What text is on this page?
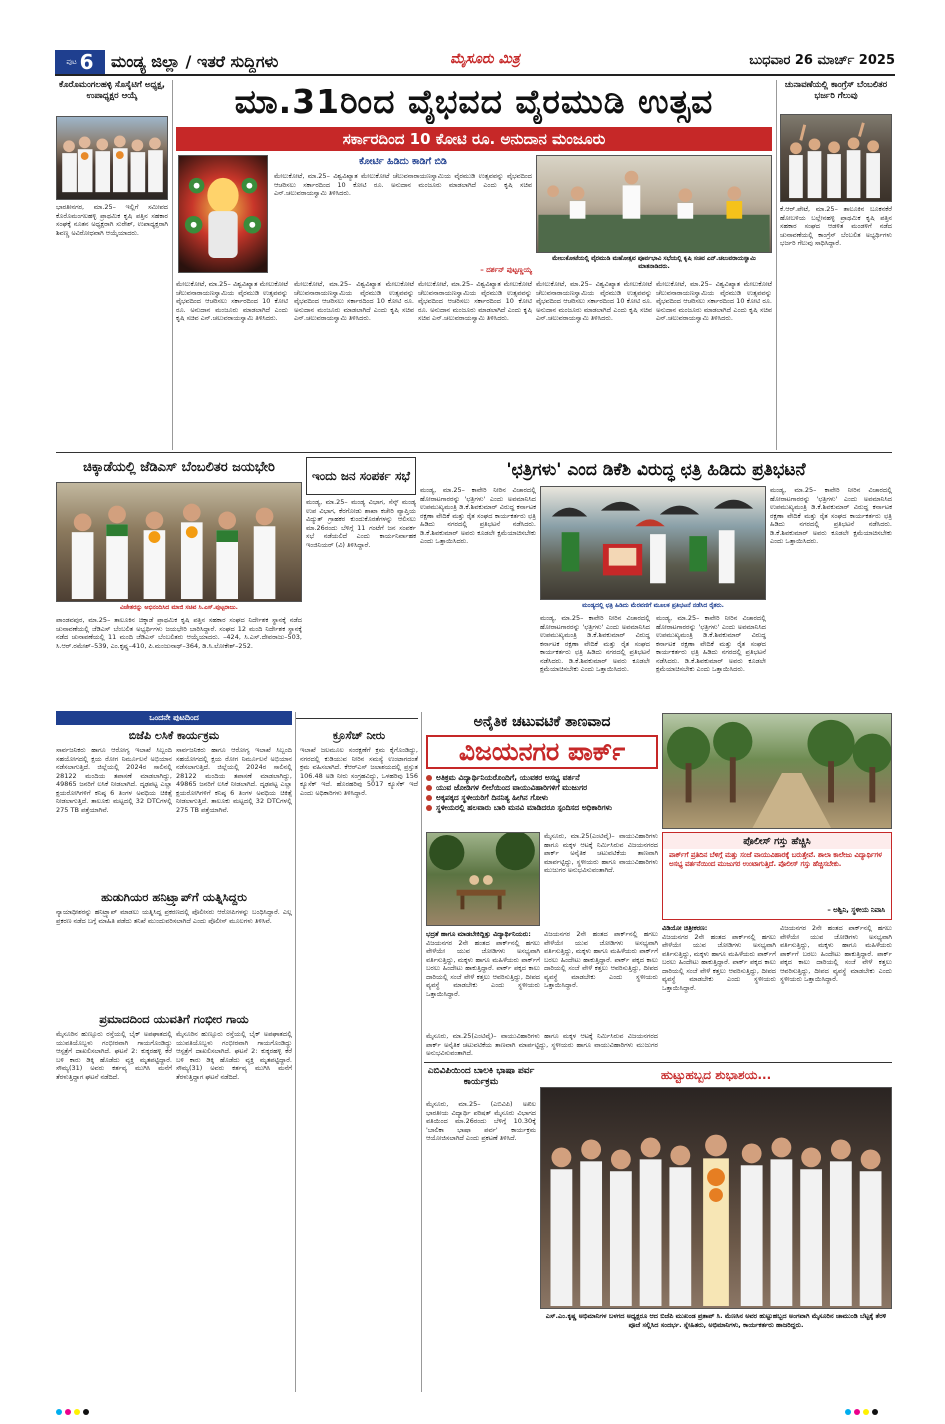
ಪುಟ 6 ಮಂಡ್ಯ ಜಿಲ್ಲಾ / ಇತರೆ ಸುದ್ದಿಗಳು	ಮೈಸೂರು ಮಿತ್ರ	ಬುಧವಾರ 26 ಮಾರ್ಚ್ 2025
ಕೊರೊಮಂಗಲಹಳ್ಳಿ ಸೊಸೈಟಿಗೆ ಅಧ್ಯಕ್ಷ, ಉಪಾಧ್ಯಕ್ಷರ ಆಯ್ಕೆ
ಭಾರತೀನಗರ, ಮಾ.25– ಇಲ್ಲಿಗೆ ಸಮೀಪದ ಕೊರೊಮಂಗಲಹಳ್ಳಿ ಪ್ರಾಥಮಿಕ ಕೃಷಿ ಪತ್ತಿನ ಸಹಕಾರ ಸಂಘಕ್ಕೆ ನೂತನ ಅಧ್ಯಕ್ಷರಾಗಿ ಸುರೇಶ್, ಉಪಾಧ್ಯಕ್ಷರಾಗಿ ಶಿವಣ್ಣ ಅವಿರೋಧವಾಗಿ ಆಯ್ಕೆಯಾದರು.
ಮಾ.31ರಿಂದ ವೈಭವದ ವೈರಮುಡಿ ಉತ್ಸವ
ಸರ್ಕಾರದಿಂದ 10 ಕೋಟಿ ರೂ. ಅನುದಾನ ಮಂಜೂರು
ಕೋರ್ಟಿ ಹಿಡಿದು ಕಾಡಿಗೆ ಬಿಡಿ
ಮೇಲುಕೋಟೆ, ಮಾ.25– ವಿಶ್ವವಿಖ್ಯಾತ ಮೇಲುಕೋಟೆ ಚೆಲುವನಾರಾಯಣಸ್ವಾಮಿಯ ವೈರಮುಡಿ ಉತ್ಸವವನ್ನು ವೈಭವದಿಂದ ಆಚರಿಸಲು ಸರ್ಕಾರದಿಂದ 10 ಕೋಟಿ ರೂ. ಅನುದಾನ ಮಂಜೂರು ಮಾಡಲಾಗಿದೆ ಎಂದು ಕೃಷಿ ಸಚಿವ ಎನ್.ಚಲುವರಾಯಸ್ವಾಮಿ ತಿಳಿಸಿದರು.
– ದರ್ಶನ್ ಪುಟ್ಟಣ್ಣಯ್ಯ
ಮೇಲುಕೋಟೆಯಲ್ಲಿ ವೈರಮುಡಿ ಮಹೋತ್ಸವ ಪೂರ್ವಭಾವಿ ಸಭೆಯಲ್ಲಿ ಕೃಷಿ ಸಚಿವ ಎನ್.ಚಲುವರಾಯಸ್ವಾಮಿ ಮಾತನಾಡಿದರು.
ಮೇಲುಕೋಟೆ, ಮಾ.25– ವಿಶ್ವವಿಖ್ಯಾತ ಮೇಲುಕೋಟೆ ಚೆಲುವನಾರಾಯಣಸ್ವಾಮಿಯ ವೈರಮುಡಿ ಉತ್ಸವವನ್ನು ವೈಭವದಿಂದ ಆಚರಿಸಲು ಸರ್ಕಾರದಿಂದ 10 ಕೋಟಿ ರೂ. ಅನುದಾನ ಮಂಜೂರು ಮಾಡಲಾಗಿದೆ ಎಂದು ಕೃಷಿ ಸಚಿವ ಎನ್.ಚಲುವರಾಯಸ್ವಾಮಿ ತಿಳಿಸಿದರು.
ಮೇಲುಕೋಟೆ, ಮಾ.25– ವಿಶ್ವವಿಖ್ಯಾತ ಮೇಲುಕೋಟೆ ಚೆಲುವನಾರಾಯಣಸ್ವಾಮಿಯ ವೈರಮುಡಿ ಉತ್ಸವವನ್ನು ವೈಭವದಿಂದ ಆಚರಿಸಲು ಸರ್ಕಾರದಿಂದ 10 ಕೋಟಿ ರೂ. ಅನುದಾನ ಮಂಜೂರು ಮಾಡಲಾಗಿದೆ ಎಂದು ಕೃಷಿ ಸಚಿವ ಎನ್.ಚಲುವರಾಯಸ್ವಾಮಿ ತಿಳಿಸಿದರು.
ಮೇಲುಕೋಟೆ, ಮಾ.25– ವಿಶ್ವವಿಖ್ಯಾತ ಮೇಲುಕೋಟೆ ಚೆಲುವನಾರಾಯಣಸ್ವಾಮಿಯ ವೈರಮುಡಿ ಉತ್ಸವವನ್ನು ವೈಭವದಿಂದ ಆಚರಿಸಲು ಸರ್ಕಾರದಿಂದ 10 ಕೋಟಿ ರೂ. ಅನುದಾನ ಮಂಜೂರು ಮಾಡಲಾಗಿದೆ ಎಂದು ಕೃಷಿ ಸಚಿವ ಎನ್.ಚಲುವರಾಯಸ್ವಾಮಿ ತಿಳಿಸಿದರು.
ಮೇಲುಕೋಟೆ, ಮಾ.25– ವಿಶ್ವವಿಖ್ಯಾತ ಮೇಲುಕೋಟೆ ಚೆಲುವನಾರಾಯಣಸ್ವಾಮಿಯ ವೈರಮುಡಿ ಉತ್ಸವವನ್ನು ವೈಭವದಿಂದ ಆಚರಿಸಲು ಸರ್ಕಾರದಿಂದ 10 ಕೋಟಿ ರೂ. ಅನುದಾನ ಮಂಜೂರು ಮಾಡಲಾಗಿದೆ ಎಂದು ಕೃಷಿ ಸಚಿವ ಎನ್.ಚಲುವರಾಯಸ್ವಾಮಿ ತಿಳಿಸಿದರು.
ಮೇಲುಕೋಟೆ, ಮಾ.25– ವಿಶ್ವವಿಖ್ಯಾತ ಮೇಲುಕೋಟೆ ಚೆಲುವನಾರಾಯಣಸ್ವಾಮಿಯ ವೈರಮುಡಿ ಉತ್ಸವವನ್ನು ವೈಭವದಿಂದ ಆಚರಿಸಲು ಸರ್ಕಾರದಿಂದ 10 ಕೋಟಿ ರೂ. ಅನುದಾನ ಮಂಜೂರು ಮಾಡಲಾಗಿದೆ ಎಂದು ಕೃಷಿ ಸಚಿವ ಎನ್.ಚಲುವರಾಯಸ್ವಾಮಿ ತಿಳಿಸಿದರು.
ಚುನಾವಣೆಯಲ್ಲಿ ಕಾಂಗ್ರೆಸ್ ಬೆಂಬಲಿತರ ಭರ್ಜರಿ ಗೆಲುವು
ಕೆ.ಆರ್.ಪೇಟೆ, ಮಾ.25– ತಾಲೂಕಿನ ಬೂಕನಕೆರೆ ಹೋಬಳಿಯ ಬಲ್ಲೇನಹಳ್ಳಿ ಪ್ರಾಥಮಿಕ ಕೃಷಿ ಪತ್ತಿನ ಸಹಕಾರ ಸಂಘದ ಆಡಳಿತ ಮಂಡಳಿಗೆ ನಡೆದ ಚುನಾವಣೆಯಲ್ಲಿ ಕಾಂಗ್ರೆಸ್ ಬೆಂಬಲಿತ ಅಭ್ಯರ್ಥಿಗಳು ಭರ್ಜರಿ ಗೆಲುವು ಸಾಧಿಸಿದ್ದಾರೆ.
ಚಿಕ್ಕಾಡೆಯಲ್ಲಿ ಜೆಡಿಎಸ್ ಬೆಂಬಲಿತರ ಜಯಭೇರಿ
ವಿಜೇತರನ್ನು ಅಭಿನಂದಿಸಿದ ಮಾಜಿ ಸಚಿವ ಸಿ.ಎಸ್.ಪುಟ್ಟರಾಜು.
ಪಾಂಡವಪುರ, ಮಾ.25– ತಾಲೂಕಿನ ಚಿಕ್ಕಾಡೆ ಪ್ರಾಥಮಿಕ ಕೃಷಿ ಪತ್ತಿನ ಸಹಕಾರ ಸಂಘದ ನಿರ್ದೇಶಕ ಸ್ಥಾನಕ್ಕೆ ನಡೆದ ಚುನಾವಣೆಯಲ್ಲಿ ಜೆಡಿಎಸ್ ಬೆಂಬಲಿತ ಅಭ್ಯರ್ಥಿಗಳು ಜಯಭೇರಿ ಬಾರಿಸಿದ್ದಾರೆ. ಸಂಘದ 12 ಮಂದಿ ನಿರ್ದೇಶಕ ಸ್ಥಾನಕ್ಕೆ ನಡೆದ ಚುನಾವಣೆಯಲ್ಲಿ 11 ಮಂದಿ ಜೆಡಿಎಸ್ ಬೆಂಬಲಿತರು ಆಯ್ಕೆಯಾದರು. –424, ಸಿ.ಎಸ್.ದೇವರಾಜು–503, ಸಿ.ಆರ್.ರಮೇಶ್–539, ಎಂ.ಕೃಷ್ಣ–410, ಪಿ.ಮಂಜುನಾಥ್–364, ಡಿ.ಸಿ.ಲೋಕೇಶ್–252.
ಇಂದು ಜನ ಸಂಪರ್ಕ ಸಭೆ
ಮಂಡ್ಯ, ಮಾ.25– ಮಂಡ್ಯ ವಿಭಾಗ, ಸೆಸ್ಕ್ ಮಂಡ್ಯ ಉಪ ವಿಭಾಗ, ಕೆರಗೋಡು ಶಾಖಾ ಕಚೇರಿ ವ್ಯಾಪ್ತಿಯ ವಿದ್ಯುತ್ ಗ್ರಾಹಕರ ಕುಂದುಕೊರತೆಗಳನ್ನು ಆಲಿಸಲು ಮಾ.26ರಂದು ಬೆಳಿಗ್ಗೆ 11 ಗಂಟೆಗೆ ಜನ ಸಂಪರ್ಕ ಸಭೆ ನಡೆಯಲಿದೆ ಎಂದು ಕಾರ್ಯನಿರ್ವಾಹಕ ಇಂಜಿನಿಯರ್ (ವಿ) ತಿಳಿಸಿದ್ದಾರೆ.
'ಛತ್ರಿಗಳು' ಎಂದ ಡಿಕೆಶಿ ವಿರುದ್ಧ ಛತ್ರಿ ಹಿಡಿದು ಪ್ರತಿಭಟನೆ
ಮಂಡ್ಯ, ಮಾ.25– ಕಾವೇರಿ ನೀರಿನ ವಿಚಾರದಲ್ಲಿ ಹೋರಾಟಗಾರರನ್ನು 'ಛತ್ರಿಗಳು' ಎಂದು ಅವಮಾನಿಸಿದ ಉಪಮುಖ್ಯಮಂತ್ರಿ ಡಿ.ಕೆ.ಶಿವಕುಮಾರ್ ವಿರುದ್ಧ ಕರ್ನಾಟಕ ರಕ್ಷಣಾ ವೇದಿಕೆ ಮತ್ತು ರೈತ ಸಂಘದ ಕಾರ್ಯಕರ್ತರು ಛತ್ರಿ ಹಿಡಿದು ನಗರದಲ್ಲಿ ಪ್ರತಿಭಟನೆ ನಡೆಸಿದರು. ಡಿ.ಕೆ.ಶಿವಕುಮಾರ್ ಅವರು ಕೂಡಲೇ ಕ್ಷಮೆಯಾಚಿಸಬೇಕು ಎಂದು ಒತ್ತಾಯಿಸಿದರು.
ಮಂಡ್ಯದಲ್ಲಿ ಛತ್ರಿ ಹಿಡಿದು ಮೆರವಣಿಗೆ ಮೂಲಕ ಪ್ರತಿಭಟನೆ ನಡೆಸಿದ ರೈತರು.
ಮಂಡ್ಯ, ಮಾ.25– ಕಾವೇರಿ ನೀರಿನ ವಿಚಾರದಲ್ಲಿ ಹೋರಾಟಗಾರರನ್ನು 'ಛತ್ರಿಗಳು' ಎಂದು ಅವಮಾನಿಸಿದ ಉಪಮುಖ್ಯಮಂತ್ರಿ ಡಿ.ಕೆ.ಶಿವಕುಮಾರ್ ವಿರುದ್ಧ ಕರ್ನಾಟಕ ರಕ್ಷಣಾ ವೇದಿಕೆ ಮತ್ತು ರೈತ ಸಂಘದ ಕಾರ್ಯಕರ್ತರು ಛತ್ರಿ ಹಿಡಿದು ನಗರದಲ್ಲಿ ಪ್ರತಿಭಟನೆ ನಡೆಸಿದರು. ಡಿ.ಕೆ.ಶಿವಕುಮಾರ್ ಅವರು ಕೂಡಲೇ ಕ್ಷಮೆಯಾಚಿಸಬೇಕು ಎಂದು ಒತ್ತಾಯಿಸಿದರು.
ಮಂಡ್ಯ, ಮಾ.25– ಕಾವೇರಿ ನೀರಿನ ವಿಚಾರದಲ್ಲಿ ಹೋರಾಟಗಾರರನ್ನು 'ಛತ್ರಿಗಳು' ಎಂದು ಅವಮಾನಿಸಿದ ಉಪಮುಖ್ಯಮಂತ್ರಿ ಡಿ.ಕೆ.ಶಿವಕುಮಾರ್ ವಿರುದ್ಧ ಕರ್ನಾಟಕ ರಕ್ಷಣಾ ವೇದಿಕೆ ಮತ್ತು ರೈತ ಸಂಘದ ಕಾರ್ಯಕರ್ತರು ಛತ್ರಿ ಹಿಡಿದು ನಗರದಲ್ಲಿ ಪ್ರತಿಭಟನೆ ನಡೆಸಿದರು. ಡಿ.ಕೆ.ಶಿವಕುಮಾರ್ ಅವರು ಕೂಡಲೇ ಕ್ಷಮೆಯಾಚಿಸಬೇಕು ಎಂದು ಒತ್ತಾಯಿಸಿದರು.
ಮಂಡ್ಯ, ಮಾ.25– ಕಾವೇರಿ ನೀರಿನ ವಿಚಾರದಲ್ಲಿ ಹೋರಾಟಗಾರರನ್ನು 'ಛತ್ರಿಗಳು' ಎಂದು ಅವಮಾನಿಸಿದ ಉಪಮುಖ್ಯಮಂತ್ರಿ ಡಿ.ಕೆ.ಶಿವಕುಮಾರ್ ವಿರುದ್ಧ ಕರ್ನಾಟಕ ರಕ್ಷಣಾ ವೇದಿಕೆ ಮತ್ತು ರೈತ ಸಂಘದ ಕಾರ್ಯಕರ್ತರು ಛತ್ರಿ ಹಿಡಿದು ನಗರದಲ್ಲಿ ಪ್ರತಿಭಟನೆ ನಡೆಸಿದರು. ಡಿ.ಕೆ.ಶಿವಕುಮಾರ್ ಅವರು ಕೂಡಲೇ ಕ್ಷಮೆಯಾಚಿಸಬೇಕು ಎಂದು ಒತ್ತಾಯಿಸಿದರು.
ಒಂದನೇ ಪುಟದಿಂದ
ಬಿಜೆಪಿ ಲಸಿಕೆ ಕಾರ್ಯಕ್ರಮ
ಸಾರ್ವಜನಿಕರು ಹಾಗೂ ಆರೋಗ್ಯ ಇಲಾಖೆ ಸಿಬ್ಬಂದಿ ಸಹಯೋಗದಲ್ಲಿ ಕ್ಷಯ ರೋಗ ನಿರ್ಮೂಲನೆ ಅಭಿಯಾನ ನಡೆಸಲಾಗುತ್ತಿದೆ. ಜಿಲ್ಲೆಯಲ್ಲಿ 2024ರ ಸಾಲಿನಲ್ಲಿ 28122 ಮಂದಿಯ ತಪಾಸಣೆ ಮಾಡಲಾಗಿದ್ದು, 49865 ಜನರಿಗೆ ಲಸಿಕೆ ನೀಡಲಾಗಿದೆ. ದೃಢಪಟ್ಟ ಎಲ್ಲಾ ಕ್ಷಯರೋಗಿಗಳಿಗೆ ಕನಿಷ್ಠ 6 ತಿಂಗಳ ಅವಧಿಯ ಚಿಕಿತ್ಸೆ ನೀಡಲಾಗುತ್ತಿದೆ. ತಾಲೂಕು ಮಟ್ಟದಲ್ಲಿ 32 DTCಗಳಲ್ಲಿ 275 TB ಪತ್ತೆಯಾಗಿವೆ.
ಸಾರ್ವಜನಿಕರು ಹಾಗೂ ಆರೋಗ್ಯ ಇಲಾಖೆ ಸಿಬ್ಬಂದಿ ಸಹಯೋಗದಲ್ಲಿ ಕ್ಷಯ ರೋಗ ನಿರ್ಮೂಲನೆ ಅಭಿಯಾನ ನಡೆಸಲಾಗುತ್ತಿದೆ. ಜಿಲ್ಲೆಯಲ್ಲಿ 2024ರ ಸಾಲಿನಲ್ಲಿ 28122 ಮಂದಿಯ ತಪಾಸಣೆ ಮಾಡಲಾಗಿದ್ದು, 49865 ಜನರಿಗೆ ಲಸಿಕೆ ನೀಡಲಾಗಿದೆ. ದೃಢಪಟ್ಟ ಎಲ್ಲಾ ಕ್ಷಯರೋಗಿಗಳಿಗೆ ಕನಿಷ್ಠ 6 ತಿಂಗಳ ಅವಧಿಯ ಚಿಕಿತ್ಸೆ ನೀಡಲಾಗುತ್ತಿದೆ. ತಾಲೂಕು ಮಟ್ಟದಲ್ಲಿ 32 DTCಗಳಲ್ಲಿ 275 TB ಪತ್ತೆಯಾಗಿವೆ.
ಹುಡುಗಿಯರ ಹನಿಟ್ರ್ಯಾಪ್‌ಗೆ ಯತ್ನಿಸಿದ್ದರು
ನ್ಯಾಯಾಧೀಶರನ್ನು ಹನಿಟ್ರ್ಯಾಪ್ ಮಾಡಲು ಯತ್ನಿಸಿದ್ದ ಪ್ರಕರಣದಲ್ಲಿ ಪೊಲೀಸರು ಆರೋಪಿಗಳನ್ನು ಬಂಧಿಸಿದ್ದಾರೆ. ಎಲ್ಲ ಪ್ರಕರಣ ನಡೆದ ಬಗ್ಗೆ ಮಾಹಿತಿ ಪಡೆದು ತನಿಖೆ ಮುಂದುವರಿಸಲಾಗಿದೆ ಎಂದು ಪೊಲೀಸ್ ಮೂಲಗಳು ತಿಳಿಸಿವೆ.
ಪ್ರಮಾದದಿಂದ ಯುವತಿಗೆ ಗಂಭೀರ ಗಾಯ
ಮೈಸೂರಿನ ಹುಣ್ಸೂರು ರಸ್ತೆಯಲ್ಲಿ ಬೈಕ್ ಅಪಘಾತದಲ್ಲಿ ಯುವತಿಯೊಬ್ಬಳು ಗಂಭೀರವಾಗಿ ಗಾಯಗೊಂಡಿದ್ದು ಆಸ್ಪತ್ರೆಗೆ ದಾಖಲಿಸಲಾಗಿದೆ. ಘಟನೆ 2: ಕುಕ್ಕರಹಳ್ಳಿ ಕೆರೆ ಬಳಿ ಕಾರು ಡಿಕ್ಕಿ ಹೊಡೆದು ವ್ಯಕ್ತಿ ಮೃತಪಟ್ಟಿದ್ದಾರೆ. ಸೌಮ್ಯ(31) ಅವರು ಕರ್ತವ್ಯ ಮುಗಿಸಿ ಮನೆಗೆ ತೆರಳುತ್ತಿದ್ದಾಗ ಘಟನೆ ನಡೆದಿದೆ.
ಮೈಸೂರಿನ ಹುಣ್ಸೂರು ರಸ್ತೆಯಲ್ಲಿ ಬೈಕ್ ಅಪಘಾತದಲ್ಲಿ ಯುವತಿಯೊಬ್ಬಳು ಗಂಭೀರವಾಗಿ ಗಾಯಗೊಂಡಿದ್ದು ಆಸ್ಪತ್ರೆಗೆ ದಾಖಲಿಸಲಾಗಿದೆ. ಘಟನೆ 2: ಕುಕ್ಕರಹಳ್ಳಿ ಕೆರೆ ಬಳಿ ಕಾರು ಡಿಕ್ಕಿ ಹೊಡೆದು ವ್ಯಕ್ತಿ ಮೃತಪಟ್ಟಿದ್ದಾರೆ. ಸೌಮ್ಯ(31) ಅವರು ಕರ್ತವ್ಯ ಮುಗಿಸಿ ಮನೆಗೆ ತೆರಳುತ್ತಿದ್ದಾಗ ಘಟನೆ ನಡೆದಿದೆ.
ಕ್ರೂಸೆಚ್ ನೀರು
ಇಲಾಖೆ ಜಲಮೂಲ ಸಂರಕ್ಷಣೆಗೆ ಕ್ರಮ ಕೈಗೊಂಡಿದ್ದು, ನಗರದಲ್ಲಿ ಕುಡಿಯುವ ನೀರಿನ ಸಮಸ್ಯೆ ಉಂಟಾಗದಂತೆ ಕ್ರಮ ವಹಿಸಲಾಗಿದೆ. ಕೆಆರ್‌ಎಸ್ ಜಲಾಶಯದಲ್ಲಿ ಪ್ರಸ್ತುತ 106.48 ಅಡಿ ನೀರು ಸಂಗ್ರಹವಿದ್ದು, ಒಳಹರಿವು 156 ಕ್ಯೂಸೆಕ್ ಇದೆ. ಹೊರಹರಿವು 5017 ಕ್ಯೂಸೆಕ್ ಇದೆ ಎಂದು ಅಧಿಕಾರಿಗಳು ತಿಳಿಸಿದ್ದಾರೆ.
ಅನೈತಿಕ ಚಟುವಟಿಕೆ ತಾಣವಾದ
ವಿಜಯನಗರ ಪಾರ್ಕ್
ಅತಿಕ್ರಮ ವಿದ್ಯಾರ್ಥಿನಿಯರೊಂದಿಗೆ, ಯುವಕರ ಅಸಭ್ಯ ವರ್ತನೆ
ಯುವ ಜೋಡಿಗಳ ಲೀಲೆಯಿಂದ ವಾಯುವಿಹಾರಿಗಳಿಗೆ ಮುಜುಗರ
ಅಕ್ಕಪಕ್ಕದ ಸ್ಥಳೀಯರಿಗೆ ದಿನನಿತ್ಯ ಹೀಗಿನ ಗೋಳು
ಸ್ಥಳೀಯರಲ್ಲಿ ಹಲವಾರು ಬಾರಿ ಮನವಿ ಮಾಡಿದರೂ ಸ್ಪಂದಿಸದ ಅಧಿಕಾರಿಗಳು
ಮೈಸೂರು, ಮಾ.25(ಎಂಟಿವೈ)– ವಾಯುವಿಹಾರಿಗಳು ಹಾಗೂ ಮಕ್ಕಳ ಆಟಕ್ಕೆ ನಿರ್ಮಿಸಿರುವ ವಿಜಯನಗರದ ಪಾರ್ಕ್ ಅನೈತಿಕ ಚಟುವಟಿಕೆಯ ತಾಣವಾಗಿ ಮಾರ್ಪಟ್ಟಿದ್ದು, ಸ್ಥಳೀಯರು ಹಾಗೂ ವಾಯುವಿಹಾರಿಗಳು ಮುಜುಗರ ಅನುಭವಿಸುವಂತಾಗಿದೆ.
ಪೊಲೀಸ್ ಗಸ್ತು ಹೆಚ್ಚಿಸಿ
ಪಾರ್ಕ್‌ಗೆ ಪ್ರತಿದಿನ ಬೆಳಿಗ್ಗೆ ಮತ್ತು ಸಂಜೆ ವಾಯುವಿಹಾರಕ್ಕೆ ಬರುತ್ತೇವೆ. ಶಾಲಾ ಕಾಲೇಜು ವಿದ್ಯಾರ್ಥಿಗಳ ಅಸಭ್ಯ ವರ್ತನೆಯಿಂದ ಮುಜುಗರ ಉಂಟಾಗುತ್ತಿದೆ. ಪೊಲೀಸ್ ಗಸ್ತು ಹೆಚ್ಚಿಸಬೇಕು.
– ಅಶ್ವಿನಿ, ಸ್ಥಳೀಯ ನಿವಾಸಿ
ಭದ್ರತೆ ಹಾಗೂ ಮಾಡಬೇಕಿದ್ದಿತ್ತು ವಿದ್ಯಾರ್ಥಿನಿಯರು:
ವಿಜಯನಗರ 2ನೇ ಹಂತದ ಪಾರ್ಕ್‌ನಲ್ಲಿ ಹಗಲು ವೇಳೆಯೇ ಯುವ ಜೋಡಿಗಳು ಅಸಭ್ಯವಾಗಿ ವರ್ತಿಸುತ್ತಿದ್ದು, ಮಕ್ಕಳು ಹಾಗೂ ಮಹಿಳೆಯರು ಪಾರ್ಕ್‌ಗೆ ಬರಲು ಹಿಂದೇಟು ಹಾಕುತ್ತಿದ್ದಾರೆ. ಪಾರ್ಕ್ ಪಕ್ಕದ ಕಾಲು ದಾರಿಯಲ್ಲಿ ಸಂಜೆ ವೇಳೆ ಕತ್ತಲು ಆವರಿಸುತ್ತಿದ್ದು, ದೀಪದ ವ್ಯವಸ್ಥೆ ಮಾಡಬೇಕು ಎಂದು ಸ್ಥಳೀಯರು ಒತ್ತಾಯಿಸಿದ್ದಾರೆ.
ವಿಜಯನಗರ 2ನೇ ಹಂತದ ಪಾರ್ಕ್‌ನಲ್ಲಿ ಹಗಲು ವೇಳೆಯೇ ಯುವ ಜೋಡಿಗಳು ಅಸಭ್ಯವಾಗಿ ವರ್ತಿಸುತ್ತಿದ್ದು, ಮಕ್ಕಳು ಹಾಗೂ ಮಹಿಳೆಯರು ಪಾರ್ಕ್‌ಗೆ ಬರಲು ಹಿಂದೇಟು ಹಾಕುತ್ತಿದ್ದಾರೆ. ಪಾರ್ಕ್ ಪಕ್ಕದ ಕಾಲು ದಾರಿಯಲ್ಲಿ ಸಂಜೆ ವೇಳೆ ಕತ್ತಲು ಆವರಿಸುತ್ತಿದ್ದು, ದೀಪದ ವ್ಯವಸ್ಥೆ ಮಾಡಬೇಕು ಎಂದು ಸ್ಥಳೀಯರು ಒತ್ತಾಯಿಸಿದ್ದಾರೆ.
ವಿಡಿಯೋ ಚಿತ್ರೀಕರಣ:
ವಿಜಯನಗರ 2ನೇ ಹಂತದ ಪಾರ್ಕ್‌ನಲ್ಲಿ ಹಗಲು ವೇಳೆಯೇ ಯುವ ಜೋಡಿಗಳು ಅಸಭ್ಯವಾಗಿ ವರ್ತಿಸುತ್ತಿದ್ದು, ಮಕ್ಕಳು ಹಾಗೂ ಮಹಿಳೆಯರು ಪಾರ್ಕ್‌ಗೆ ಬರಲು ಹಿಂದೇಟು ಹಾಕುತ್ತಿದ್ದಾರೆ. ಪಾರ್ಕ್ ಪಕ್ಕದ ಕಾಲು ದಾರಿಯಲ್ಲಿ ಸಂಜೆ ವೇಳೆ ಕತ್ತಲು ಆವರಿಸುತ್ತಿದ್ದು, ದೀಪದ ವ್ಯವಸ್ಥೆ ಮಾಡಬೇಕು ಎಂದು ಸ್ಥಳೀಯರು ಒತ್ತಾಯಿಸಿದ್ದಾರೆ.
ವಿಜಯನಗರ 2ನೇ ಹಂತದ ಪಾರ್ಕ್‌ನಲ್ಲಿ ಹಗಲು ವೇಳೆಯೇ ಯುವ ಜೋಡಿಗಳು ಅಸಭ್ಯವಾಗಿ ವರ್ತಿಸುತ್ತಿದ್ದು, ಮಕ್ಕಳು ಹಾಗೂ ಮಹಿಳೆಯರು ಪಾರ್ಕ್‌ಗೆ ಬರಲು ಹಿಂದೇಟು ಹಾಕುತ್ತಿದ್ದಾರೆ. ಪಾರ್ಕ್ ಪಕ್ಕದ ಕಾಲು ದಾರಿಯಲ್ಲಿ ಸಂಜೆ ವೇಳೆ ಕತ್ತಲು ಆವರಿಸುತ್ತಿದ್ದು, ದೀಪದ ವ್ಯವಸ್ಥೆ ಮಾಡಬೇಕು ಎಂದು ಸ್ಥಳೀಯರು ಒತ್ತಾಯಿಸಿದ್ದಾರೆ.
ಮೈಸೂರು, ಮಾ.25(ಎಂಟಿವೈ)– ವಾಯುವಿಹಾರಿಗಳು ಹಾಗೂ ಮಕ್ಕಳ ಆಟಕ್ಕೆ ನಿರ್ಮಿಸಿರುವ ವಿಜಯನಗರದ ಪಾರ್ಕ್ ಅನೈತಿಕ ಚಟುವಟಿಕೆಯ ತಾಣವಾಗಿ ಮಾರ್ಪಟ್ಟಿದ್ದು, ಸ್ಥಳೀಯರು ಹಾಗೂ ವಾಯುವಿಹಾರಿಗಳು ಮುಜುಗರ ಅನುಭವಿಸುವಂತಾಗಿದೆ.
ಎಬಿವಿಪಿಯಿಂದ ಬಾಲಕಿ ಭಾಷಾ ಪರ್ವ ಕಾರ್ಯಕ್ರಮ
ಮೈಸೂರು, ಮಾ.25– (ಎಬಿವಿಪಿ) ಅಖಿಲ ಭಾರತೀಯ ವಿದ್ಯಾರ್ಥಿ ಪರಿಷತ್ ಮೈಸೂರು ವಿಭಾಗದ ವತಿಯಿಂದ ಮಾ.26ರಂದು ಬೆಳಿಗ್ಗೆ 10.30ಕ್ಕೆ 'ಬಾಲಿಕಾ ಭಾಷಾ ಪರ್ವ' ಕಾರ್ಯಕ್ರಮ ಆಯೋಜಿಸಲಾಗಿದೆ ಎಂದು ಪ್ರಕಟಣೆ ತಿಳಿಸಿದೆ.
ಹುಟ್ಟುಹಬ್ಬದ ಶುಭಾಶಯ...
ಎಸ್.ಎಂ.ಕೃಷ್ಣ ಅಭಿಮಾನಿಗಳ ಬಳಗದ ಅಧ್ಯಕ್ಷರೂ ಆದ ಬಿಜೆಪಿ ಮುಖಂಡ ಪ್ರತಾಪ್ ಸಿ. ಮೆಣಸಿನ ಅವರ ಹುಟ್ಟುಹಬ್ಬದ ಅಂಗವಾಗಿ ಮೈಸೂರಿನ ಚಾಮುಂಡಿ ಬೆಟ್ಟಕ್ಕೆ ತೆರಳಿ ಪೂಜೆ ಸಲ್ಲಿಸಿದ ಸಂದರ್ಭ. ಸ್ನೇಹಿತರು, ಅಭಿಮಾನಿಗಳು, ಕಾರ್ಯಕರ್ತರು ಹಾಜರಿದ್ದರು.
